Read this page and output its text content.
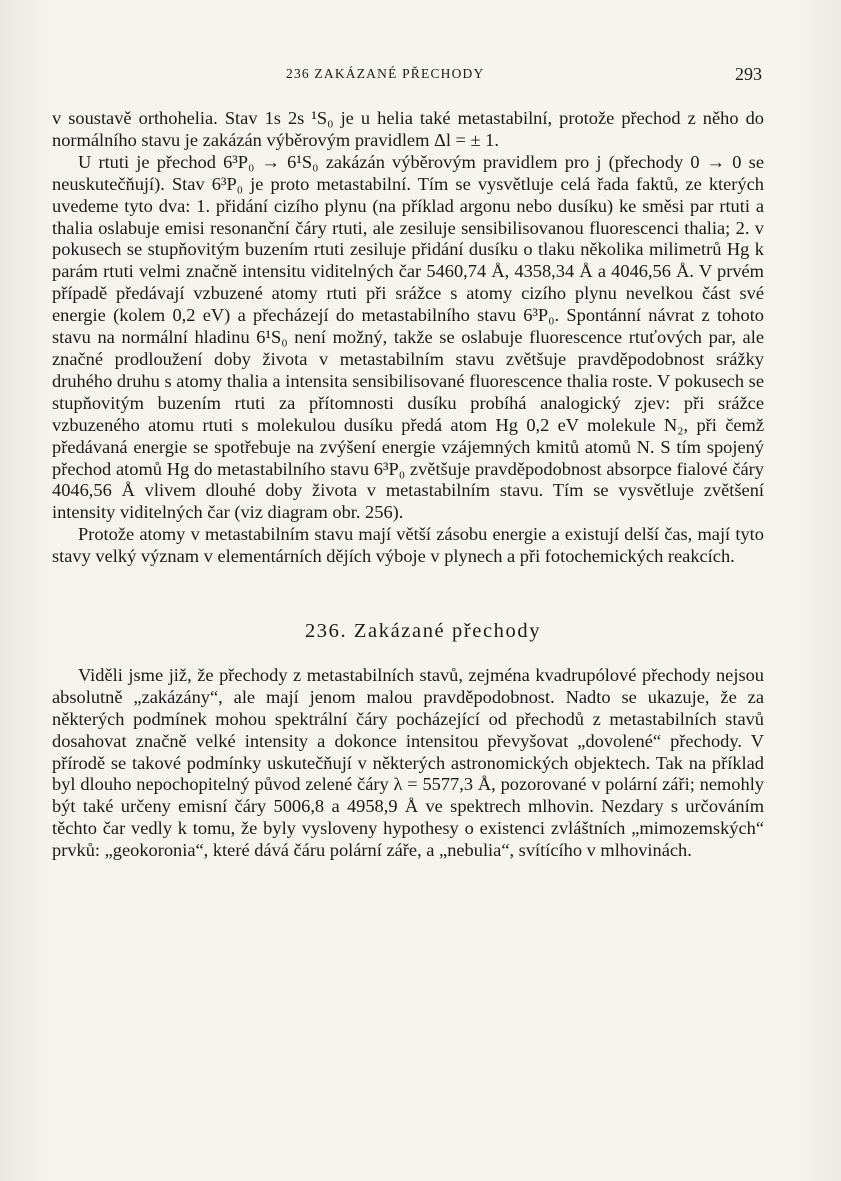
236 ZAKÁZANÉ PŘECHODY	293

v soustavě orthohelia. Stav 1s 2s ¹S₀ je u helia také metastabilní, protože přechod z něho do normálního stavu je zakázán výběrovým pravidlem Δl = ± 1.

U rtuti je přechod 6³P₀ → 6¹S₀ zakázán výběrovým pravidlem pro j (přechody 0 → 0 se neuskutečňují). Stav 6³P₀ je proto metastabilní. Tím se vysvětluje celá řada faktů, ze kterých uvedeme tyto dva: 1. přidání cizího plynu (na příklad argonu nebo dusíku) ke směsi par rtuti a thalia oslabuje emisi resonanční čáry rtuti, ale zesiluje sensibilisovanou fluorescenci thalia; 2. v pokusech se stupňovitým buzením rtuti zesiluje přidání dusíku o tlaku několika milimetrů Hg k parám rtuti velmi značně intensitu viditelných čar 5460,74 Å, 4358,34 Å a 4046,56 Å. V prvém případě předávají vzbuzené atomy rtuti při srážce s atomy cizího plynu nevelkou část své energie (kolem 0,2 eV) a přecházejí do metastabilního stavu 6³P₀. Spontánní návrat z tohoto stavu na normální hladinu 6¹S₀ není možný, takže se oslabuje fluorescence rtuťových par, ale značné prodloužení doby života v metastabilním stavu zvětšuje pravděpodobnost srážky druhého druhu s atomy thalia a intensita sensibilisované fluorescence thalia roste. V pokusech se stupňovitým buzením rtuti za přítomnosti dusíku probíhá analogický zjev: při srážce vzbuzeného atomu rtuti s molekulou dusíku předá atom Hg 0,2 eV molekule N₂, při čemž předávaná energie se spotřebuje na zvýšení energie vzájemných kmitů atomů N. S tím spojený přechod atomů Hg do metastabilního stavu 6³P₀ zvětšuje pravděpodobnost absorpce fialové čáry 4046,56 Å vlivem dlouhé doby života v metastabilním stavu. Tím se vysvětluje zvětšení intensity viditelných čar (viz diagram obr. 256).

Protože atomy v metastabilním stavu mají větší zásobu energie a existují delší čas, mají tyto stavy velký význam v elementárních dějích výboje v plynech a při fotochemických reakcích.

236. Zakázané přechody

Viděli jsme již, že přechody z metastabilních stavů, zejména kvadrupólové přechody nejsou absolutně „zakázány“, ale mají jenom malou pravděpodobnost. Nadto se ukazuje, že za některých podmínek mohou spektrální čáry pocházející od přechodů z metastabilních stavů dosahovat značně velké intensity a dokonce intensitou převyšovat „dovolené“ přechody. V přírodě se takové podmínky uskutečňují v některých astronomických objektech. Tak na příklad byl dlouho nepochopitelný původ zelené čáry λ = 5577,3 Å, pozorované v polární záři; nemohly být také určeny emisní čáry 5006,8 a 4958,9 Å ve spektrech mlhovin. Nezdary s určováním těchto čar vedly k tomu, že byly vysloveny hypothesy o existenci zvláštních „mimozemských“ prvků: „geokoronia“, které dává čáru polární záře, a „nebulia“, svítícího v mlhovinách.
